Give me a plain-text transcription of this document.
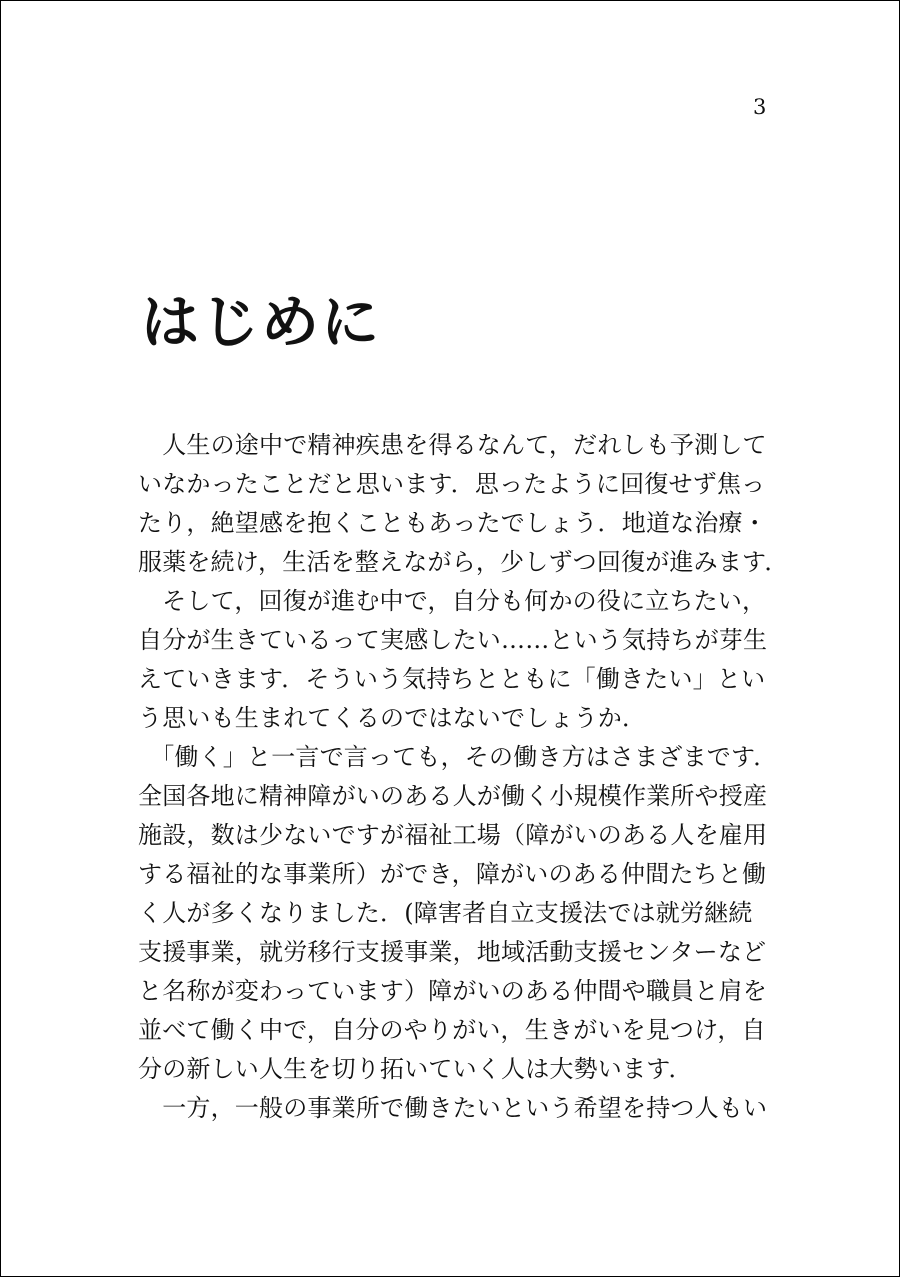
3
はじめに
　人生の途中で精神疾患を得るなんて，だれしも予測して
いなかったことだと思います．思ったように回復せず焦っ
たり，絶望感を抱くこともあったでしょう．地道な治療・
服薬を続け，生活を整えながら，少しずつ回復が進みます．
　そして，回復が進む中で，自分も何かの役に立ちたい，
自分が生きているって実感したい……という気持ちが芽生
えていきます．そういう気持ちとともに「働きたい」とい
う思いも生まれてくるのではないでしょうか．
　「働く」と一言で言っても，その働き方はさまざまです．
全国各地に精神障がいのある人が働く小規模作業所や授産
施設，数は少ないですが福祉工場（障がいのある人を雇用
する福祉的な事業所）ができ，障がいのある仲間たちと働
く人が多くなりました．(障害者自立支援法では就労継続
支援事業，就労移行支援事業，地域活動支援センターなど
と名称が変わっています）障がいのある仲間や職員と肩を
並べて働く中で，自分のやりがい，生きがいを見つけ，自
分の新しい人生を切り拓いていく人は大勢います．
　一方，一般の事業所で働きたいという希望を持つ人もい
